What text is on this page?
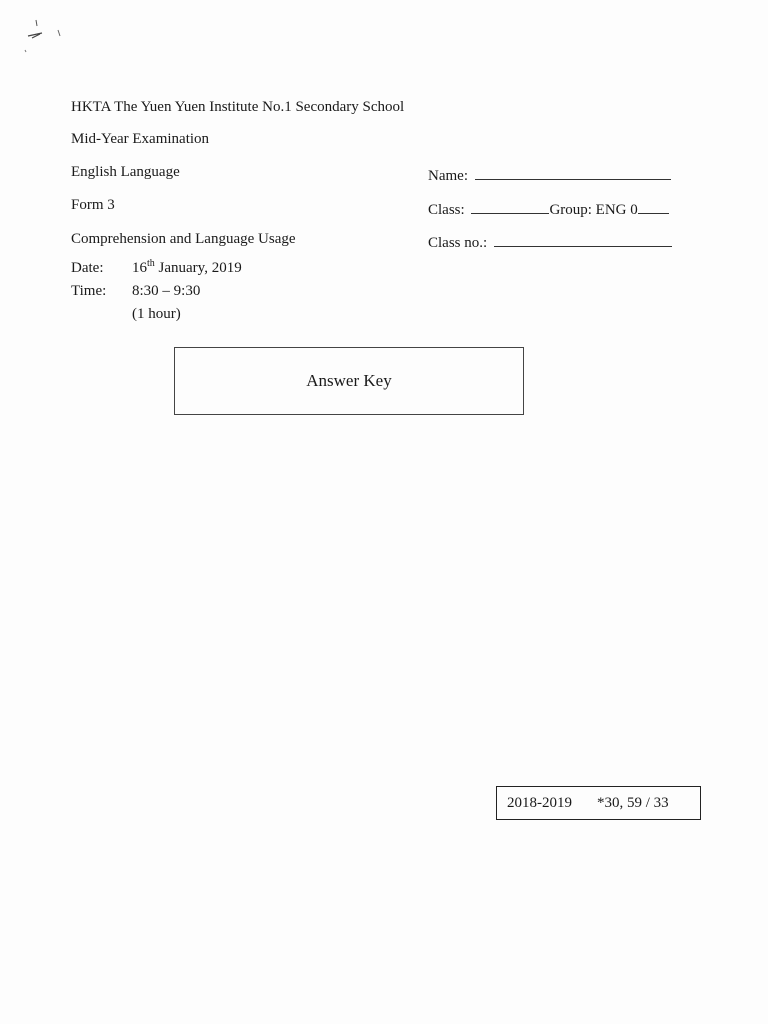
HKTA The Yuen Yuen Institute No.1 Secondary School
Mid-Year Examination
English Language
Form 3
Comprehension and Language Usage
Name:
Class:	Group: ENG 0
Class no.:
Date: 16th January, 2019
Time: 8:30 – 9:30
(1 hour)
Answer Key
2018-2019 *30, 59 / 33
